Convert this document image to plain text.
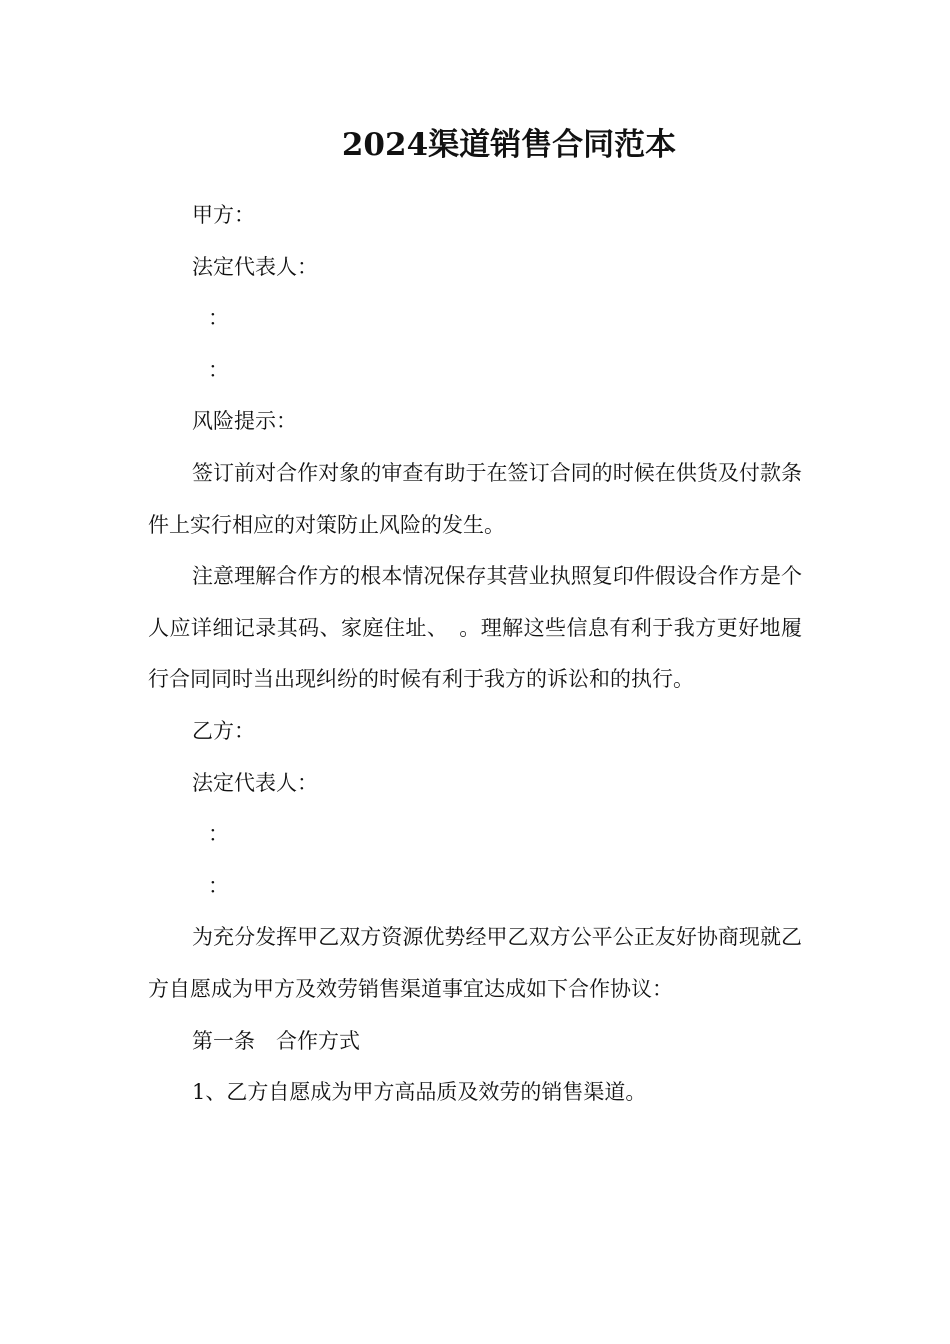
2024渠道销售合同范本

甲方：

法定代表人：

：

：

风险提示：

签订前对合作对象的审查有助于在签订合同的时候在供货及付款条件上实行相应的对策防止风险的发生。

注意理解合作方的根本情况保存其营业执照复印件假设合作方是个人应详细记录其码、家庭住址、　。理解这些信息有利于我方更好地履行合同同时当出现纠纷的时候有利于我方的诉讼和的执行。

乙方：

法定代表人：

：

：

为充分发挥甲乙双方资源优势经甲乙双方公平公正友好协商现就乙方自愿成为甲方及效劳销售渠道事宜达成如下合作协议：

第一条　合作方式

1、乙方自愿成为甲方高品质及效劳的销售渠道。
